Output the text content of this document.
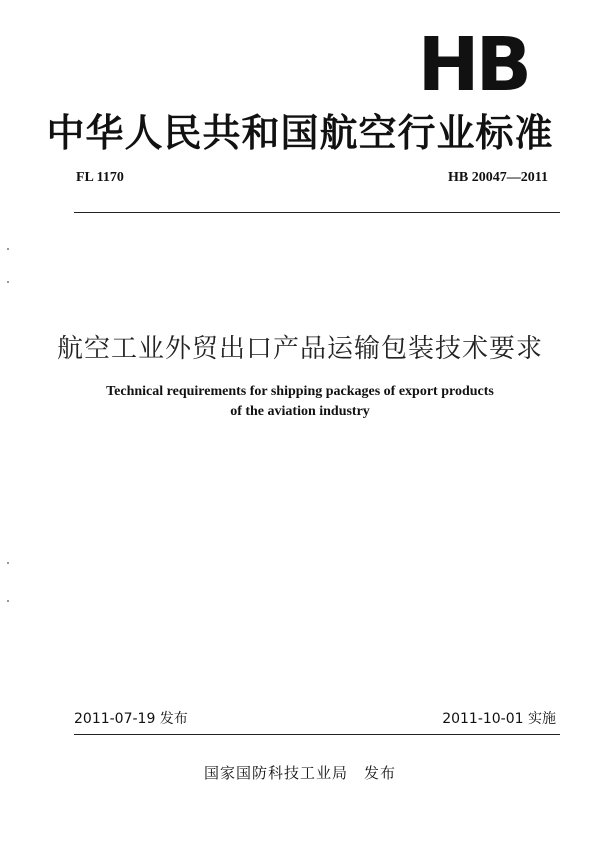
HB
中华人民共和国航空行业标准
FL 1170	HB 20047—2011
航空工业外贸出口产品运输包装技术要求
Technical requirements for shipping packages of export products
of the aviation industry
2011-07-19 发布	2011-10-01 实施
国家国防科技工业局 发布
